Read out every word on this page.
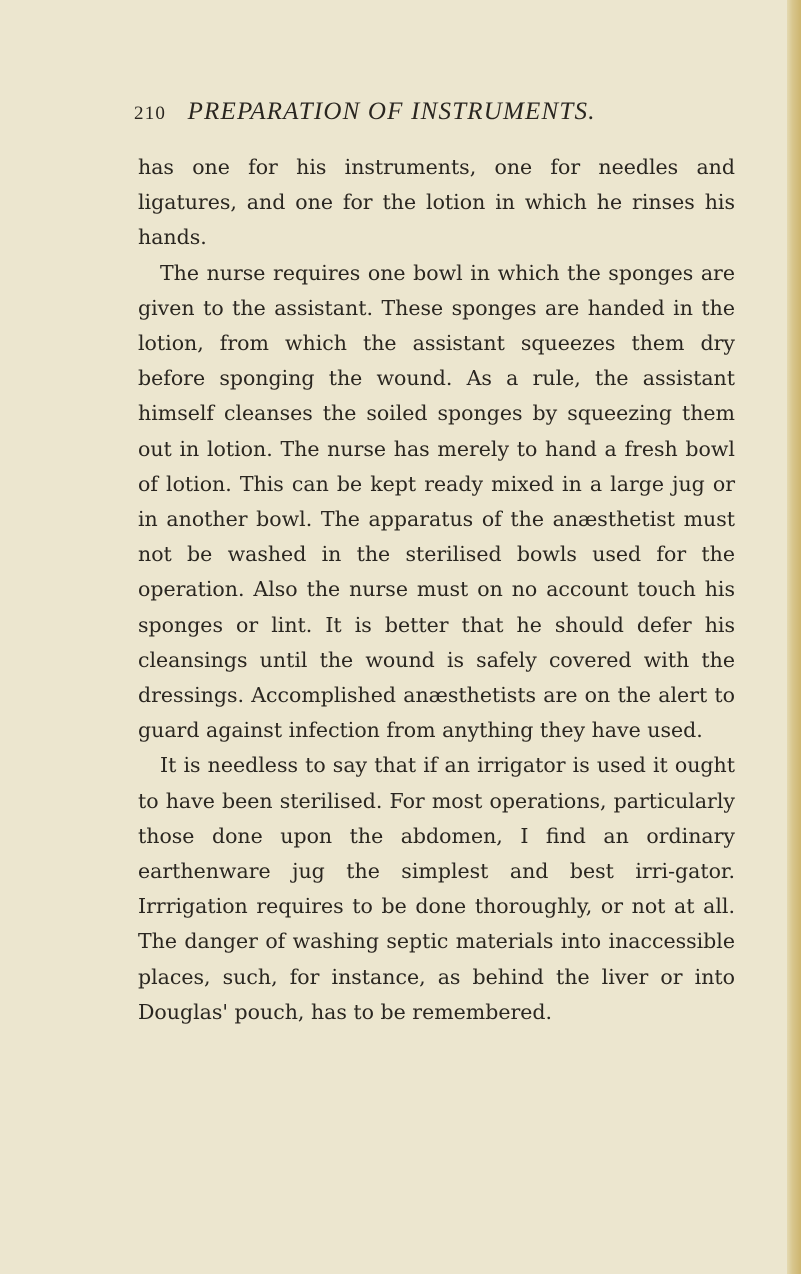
210 PREPARATION OF INSTRUMENTS.

has one for his instruments, one for needles and ligatures, and one for the lotion in which he rinses his hands.

The nurse requires one bowl in which the sponges are given to the assistant. These sponges are handed in the lotion, from which the assistant squeezes them dry before sponging the wound. As a rule, the assistant himself cleanses the soiled sponges by squeezing them out in lotion. The nurse has merely to hand a fresh bowl of lotion. This can be kept ready mixed in a large jug or in another bowl. The apparatus of the anæsthetist must not be washed in the sterilised bowls used for the operation. Also the nurse must on no account touch his sponges or lint. It is better that he should defer his cleansings until the wound is safely covered with the dressings. Accomplished anæsthetists are on the alert to guard against infection from anything they have used.

It is needless to say that if an irrigator is used it ought to have been sterilised. For most operations, particularly those done upon the abdomen, I find an ordinary earthenware jug the simplest and best irri-gator. Irrrigation requires to be done thoroughly, or not at all. The danger of washing septic materials into inaccessible places, such, for instance, as behind the liver or into Douglas' pouch, has to be remembered.
